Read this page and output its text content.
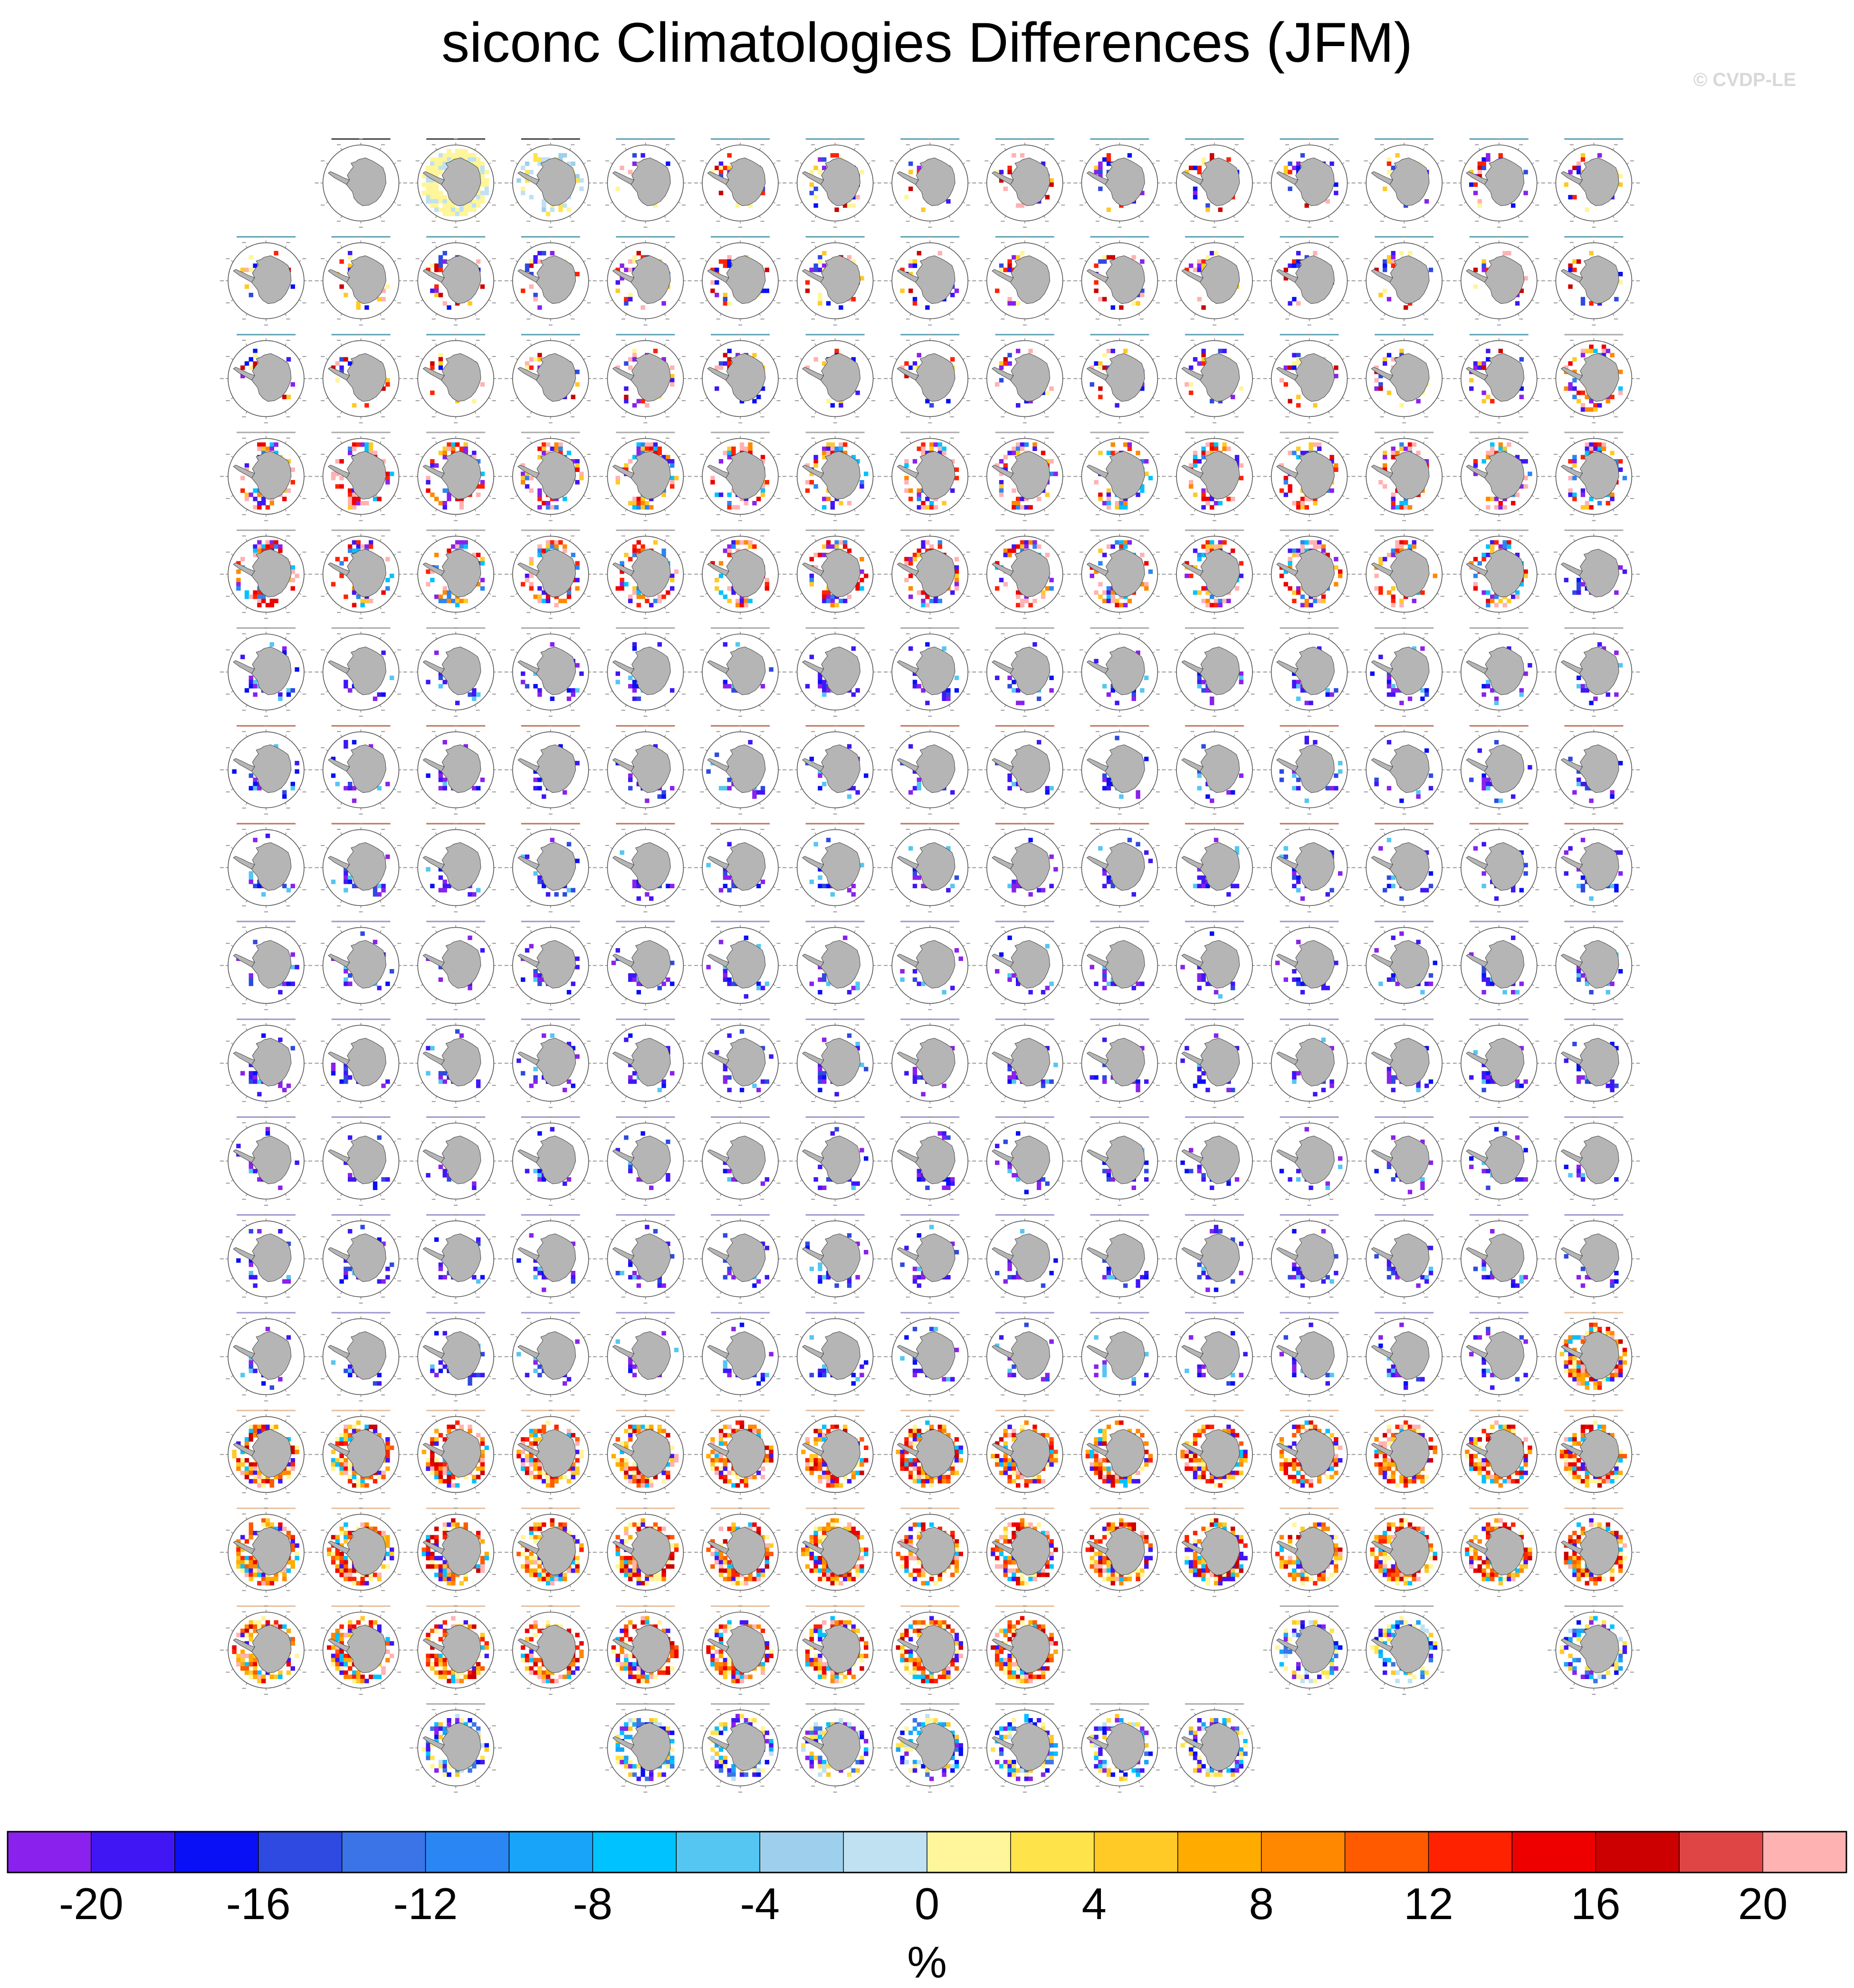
siconc Climatologies Differences (JFM)
© CVDP-LE
-20 -16 -12	-8	-4	0	4	8	12	16	20
%
